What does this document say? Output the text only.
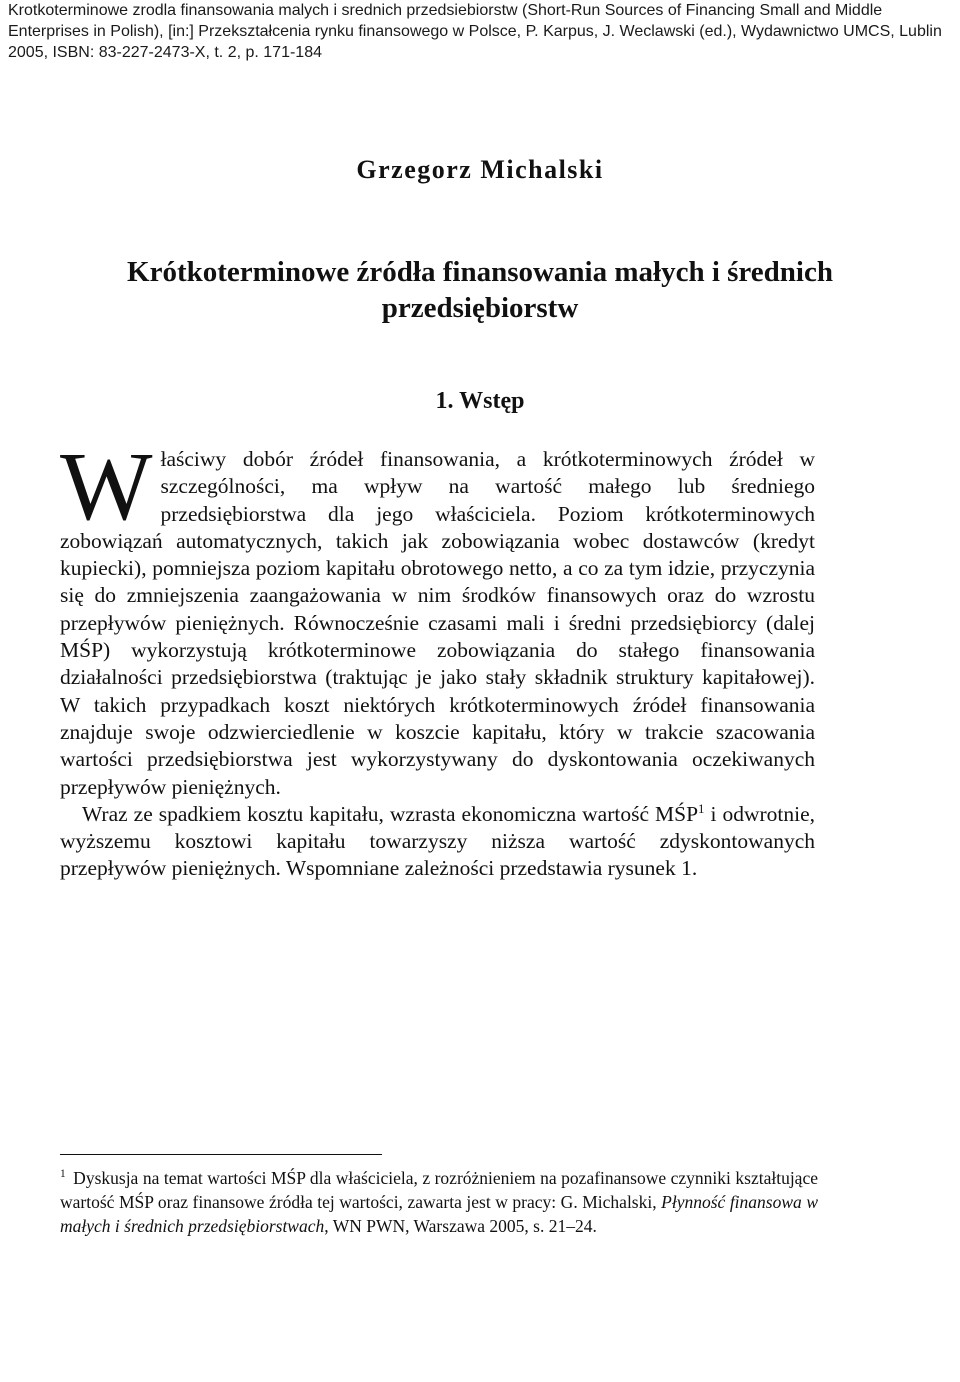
Krotkoterminowe zrodla finansowania malych i srednich przedsiebiorstw (Short-Run Sources of Financing Small and Middle Enterprises in Polish), [in:] Przekształcenia rynku finansowego w Polsce, P. Karpus, J. Weclawski (ed.), Wydawnictwo UMCS, Lublin 2005, ISBN: 83-227-2473-X, t. 2, p. 171-184

Grzegorz Michalski
Krótkoterminowe źródła finansowania małych i średnich przedsiębiorstw
1. Wstęp

Właściwy dobór źródeł finansowania, a krótkoterminowych źródeł w szczególności, ma wpływ na wartość małego lub średniego przedsiębiorstwa dla jego właściciela. Poziom krótkoterminowych zobowiązań automatycznych, takich jak zobowiązania wobec dostawców (kredyt kupiecki), pomniejsza poziom kapitału obrotowego netto, a co za tym idzie, przyczynia się do zmniejszenia zaangażowania w nim środków finansowych oraz do wzrostu przepływów pieniężnych. Równocześnie czasami mali i średni przedsiębiorcy (dalej MŚP) wykorzystują krótkoterminowe zobowiązania do stałego finansowania działalności przedsiębiorstwa (traktując je jako stały składnik struktury kapitałowej). W takich przypadkach koszt niektórych krótkoterminowych źródeł finansowania znajduje swoje odzwierciedlenie w koszcie kapitału, który w trakcie szacowania wartości przedsiębiorstwa jest wykorzystywany do dyskontowania oczekiwanych przepływów pieniężnych.

Wraz ze spadkiem kosztu kapitału, wzrasta ekonomiczna wartość MŚP$^1$ i odwrotnie, wyższemu kosztowi kapitału towarzyszy niższa wartość zdyskontowanych przepływów pieniężnych. Wspomniane zależności przedstawia rysunek 1.

$^1$ Dyskusja na temat wartości MŚP dla właściciela, z rozróżnieniem na pozafinansowe czynniki kształtujące wartość MŚP oraz finansowe źródła tej wartości, zawarta jest w pracy: G. Michalski, Płynność finansowa w małych i średnich przedsiębiorstwach, WN PWN, Warszawa 2005, s. 21–24.
